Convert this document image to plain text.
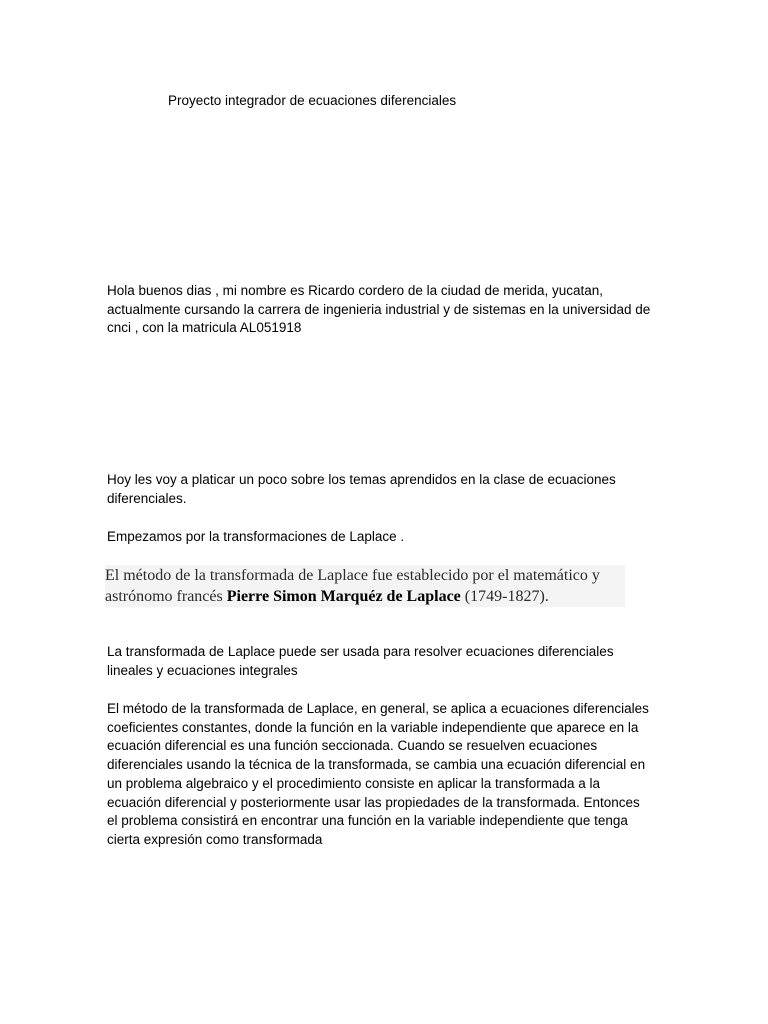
Proyecto integrador de ecuaciones diferenciales
Hola buenos dias , mi nombre es Ricardo cordero de la ciudad de merida, yucatan,
actualmente cursando la carrera de ingenieria industrial y de sistemas en la universidad de
cnci , con la matricula AL051918
Hoy les voy a platicar un poco sobre los temas aprendidos en la clase de ecuaciones
diferenciales.
Empezamos por la transformaciones de Laplace .
El método de la transformada de Laplace fue establecido por el matemático y
astrónomo francés Pierre Simon Marquéz de Laplace (1749-1827).
La transformada de Laplace puede ser usada para resolver ecuaciones diferenciales
lineales y ecuaciones integrales
El método de la transformada de Laplace, en general, se aplica a ecuaciones diferenciales
coeficientes constantes, donde la función en la variable independiente que aparece en la
ecuación diferencial es una función seccionada. Cuando se resuelven ecuaciones
diferenciales usando la técnica de la transformada, se cambia una ecuación diferencial en
un problema algebraico y el procedimiento consiste en aplicar la transformada a la
ecuación diferencial y posteriormente usar las propiedades de la transformada. Entonces
el problema consistirá en encontrar una función en la variable independiente que tenga
cierta expresión como transformada
